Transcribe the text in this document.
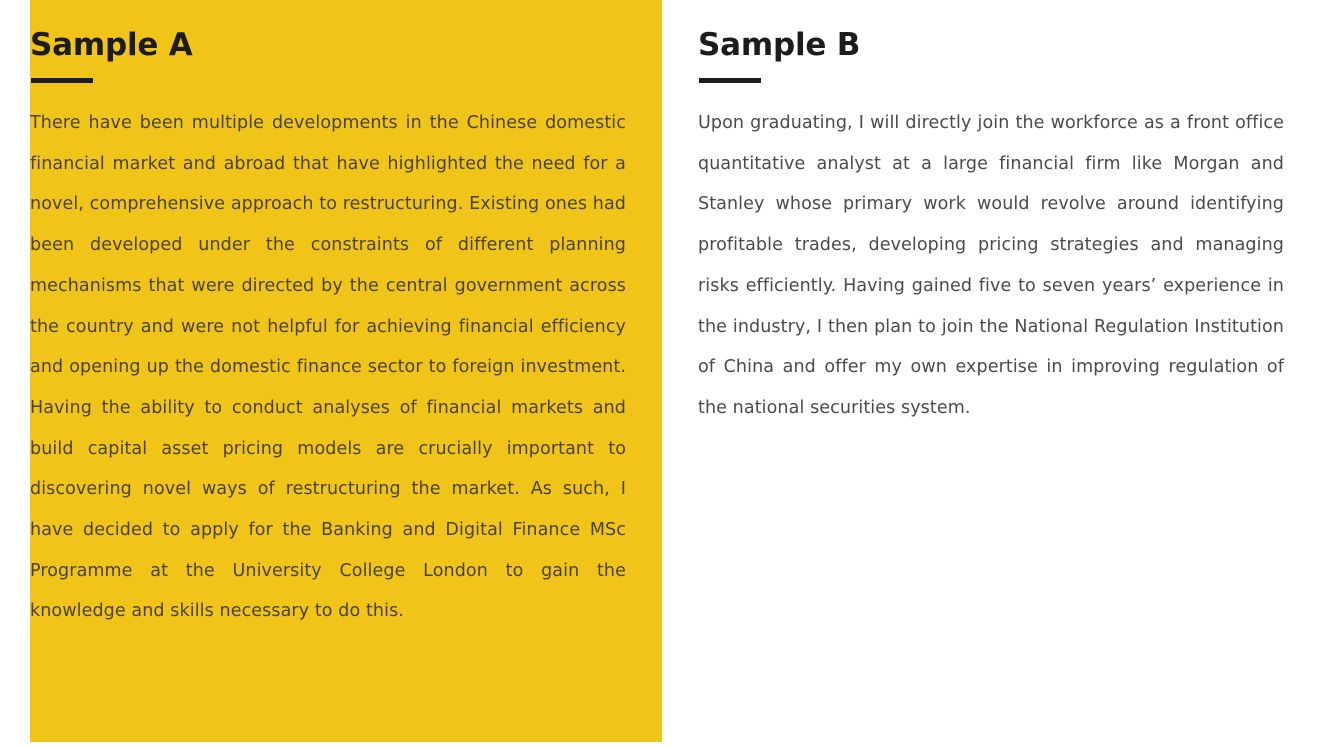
Sample A

There have been multiple developments in the Chinese domestic financial market and abroad that have highlighted the need for a novel, comprehensive approach to restructuring. Existing ones had been developed under the constraints of different planning mechanisms that were directed by the central government across the country and were not helpful for achieving financial efficiency and opening up the domestic finance sector to foreign investment. Having the ability to conduct analyses of financial markets and build capital asset pricing models are crucially important to discovering novel ways of restructuring the market. As such, I have decided to apply for the Banking and Digital Finance MSc Programme at the University College London to gain the knowledge and skills necessary to do this.

Sample B

Upon graduating, I will directly join the workforce as a front office quantitative analyst at a large financial firm like Morgan and Stanley whose primary work would revolve around identifying profitable trades, developing pricing strategies and managing risks efficiently. Having gained five to seven years’ experience in the industry, I then plan to join the National Regulation Institution of China and offer my own expertise in improving regulation of the national securities system.
